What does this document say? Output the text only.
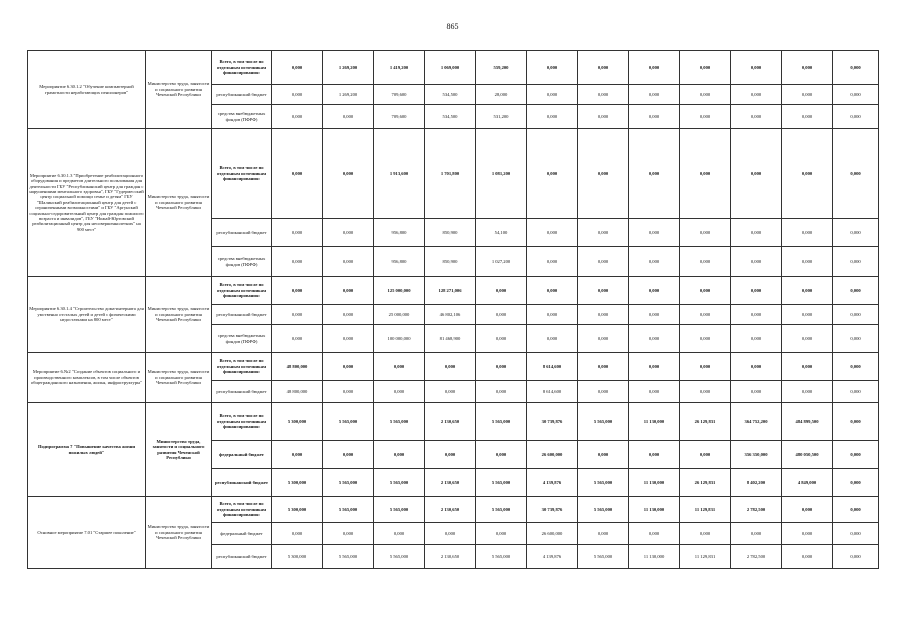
865
Мероприятие 6.30.1.2 "Обучение компьютерной грамотности неработающих пенсионеров"	Министерство труда, занятости и социального развития Чеченской Республики	Всего, в том числе по отдельным источникам финансирования:	0,000	1 269,200	1 419,200	1 069,000	559,200	0,000	0,000	0,000	0,000	0,000	0,000	0,000
		республиканский бюджет	0,000	1 269,200	709,600	534,500	28,000	0,000	0,000	0,000	0,000	0,000	0,000	0,000
		средства внебюджетных фондов (ПФРФ)	0,000	0,000	709,600	534,500	531,200	0,000	0,000	0,000	0,000	0,000	0,000	0,000
Мероприятие 6.30.1.3 "Приобретение реабилитационного оборудования и предметов длительного пользования для деятельности ГБУ "Республиканский центр для граждан с нарушениями ментального здоровья", ГБУ "Гудермесский центр социальной помощи семье и детям" ГБУ "Шалинский реабилитационный центр для детей с ограниченными возможностями" и ГБУ "Аргунский социально-оздоровительный центр для граждан пожилого возраста и инвалидов", ГБУ "Ножай-Юртовский реабилитационный центр для несовершеннолетних" на 900 мест"	Министерство труда, занятости и социального развития Чеченской Республики	Всего, в том числе по отдельным источникам финансирования:	0,000	0,000	1 913,600	1 701,800	1 081,200	0,000	0,000	0,000	0,000	0,000	0,000	0,000
		республиканский бюджет	0,000	0,000	956,800	850,900	54,100	0,000	0,000	0,000	0,000	0,000	0,000	0,000
		средства внебюджетных фондов (ПФРФ)	0,000	0,000	956,800	850,900	1 027,200	0,000	0,000	0,000	0,000	0,000	0,000	0,000
Мероприятие 6.30.1.4 "Строительство дома-интерната для умственно отсталых детей и детей с физическими недостатками на 800 мест"	Министерство труда, занятости и социального развития Чеченской Республики	Всего, в том числе по отдельным источникам финансирования:	0,000	0,000	125 000,000	128 271,006	0,000	0,000	0,000	0,000	0,000	0,000	0,000	0,000
		республиканский бюджет	0,000	0,000	25 000,000	46 802,106	0,000	0,000	0,000	0,000	0,000	0,000	0,000	0,000
		средства внебюджетных фондов (ПФРФ)	0,000	0,000	100 000,000	81 468,900	0,000	0,000	0,000	0,000	0,000	0,000	0,000	0,000
Мероприятие 6.№2 "Создание объектов социального и производственного комплексов, в том числе объектов общегражданского назначения, жилья, инфраструктуры"	Министерство труда, занятости и социального развития Чеченской Республики	Всего, в том числе по отдельным источникам финансирования:	48 800,000	0,000	0,000	0,000	0,000	8 614,600	0,000	0,000	0,000	0,000	0,000	0,000
		республиканский бюджет	48 800,000	0,000	0,000	0,000	0,000	8 614,600	0,000	0,000	0,000	0,000	0,000	0,000
Подпрограмма 7 "Повышение качества жизни пожилых людей"	Министерство труда, занятости и социального развития Чеченской Республики	Всего, в том числе по отдельным источникам финансирования:	5 300,000	5 565,000	5 565,000	2 130,650	5 565,000	30 739,876	5 565,000	11 130,000	26 129,831	364 752,200	484 899,500	0,000
		федеральный бюджет	0,000	0,000	0,000	0,000	0,000	26 600,000	0,000	0,000	0,000	356 350,000	480 050,500	0,000
		республиканский бюджет	5 300,000	5 565,000	5 565,000	2 130,650	5 565,000	4 139,876	5 565,000	11 130,000	26 129,831	8 402,200	4 849,000	0,000
Основное мероприятие 7.01 "Старшее поколение"	Министерство труда, занятости и социального развития Чеченской Республики	Всего, в том числе по отдельным источникам финансирования:	5 300,000	5 565,000	5 565,000	2 130,650	5 565,000	30 739,876	5 565,000	11 130,000	11 129,831	2 782,500	0,000	0,000
		федеральный бюджет	0,000	0,000	0,000	0,000	0,000	26 600,000	0,000	0,000	0,000	0,000	0,000	0,000
		республиканский бюджет	5 300,000	5 565,000	5 565,000	2 130,650	5 565,000	4 139,876	5 565,000	11 130,000	11 129,831	2 782,500	0,000	0,000
